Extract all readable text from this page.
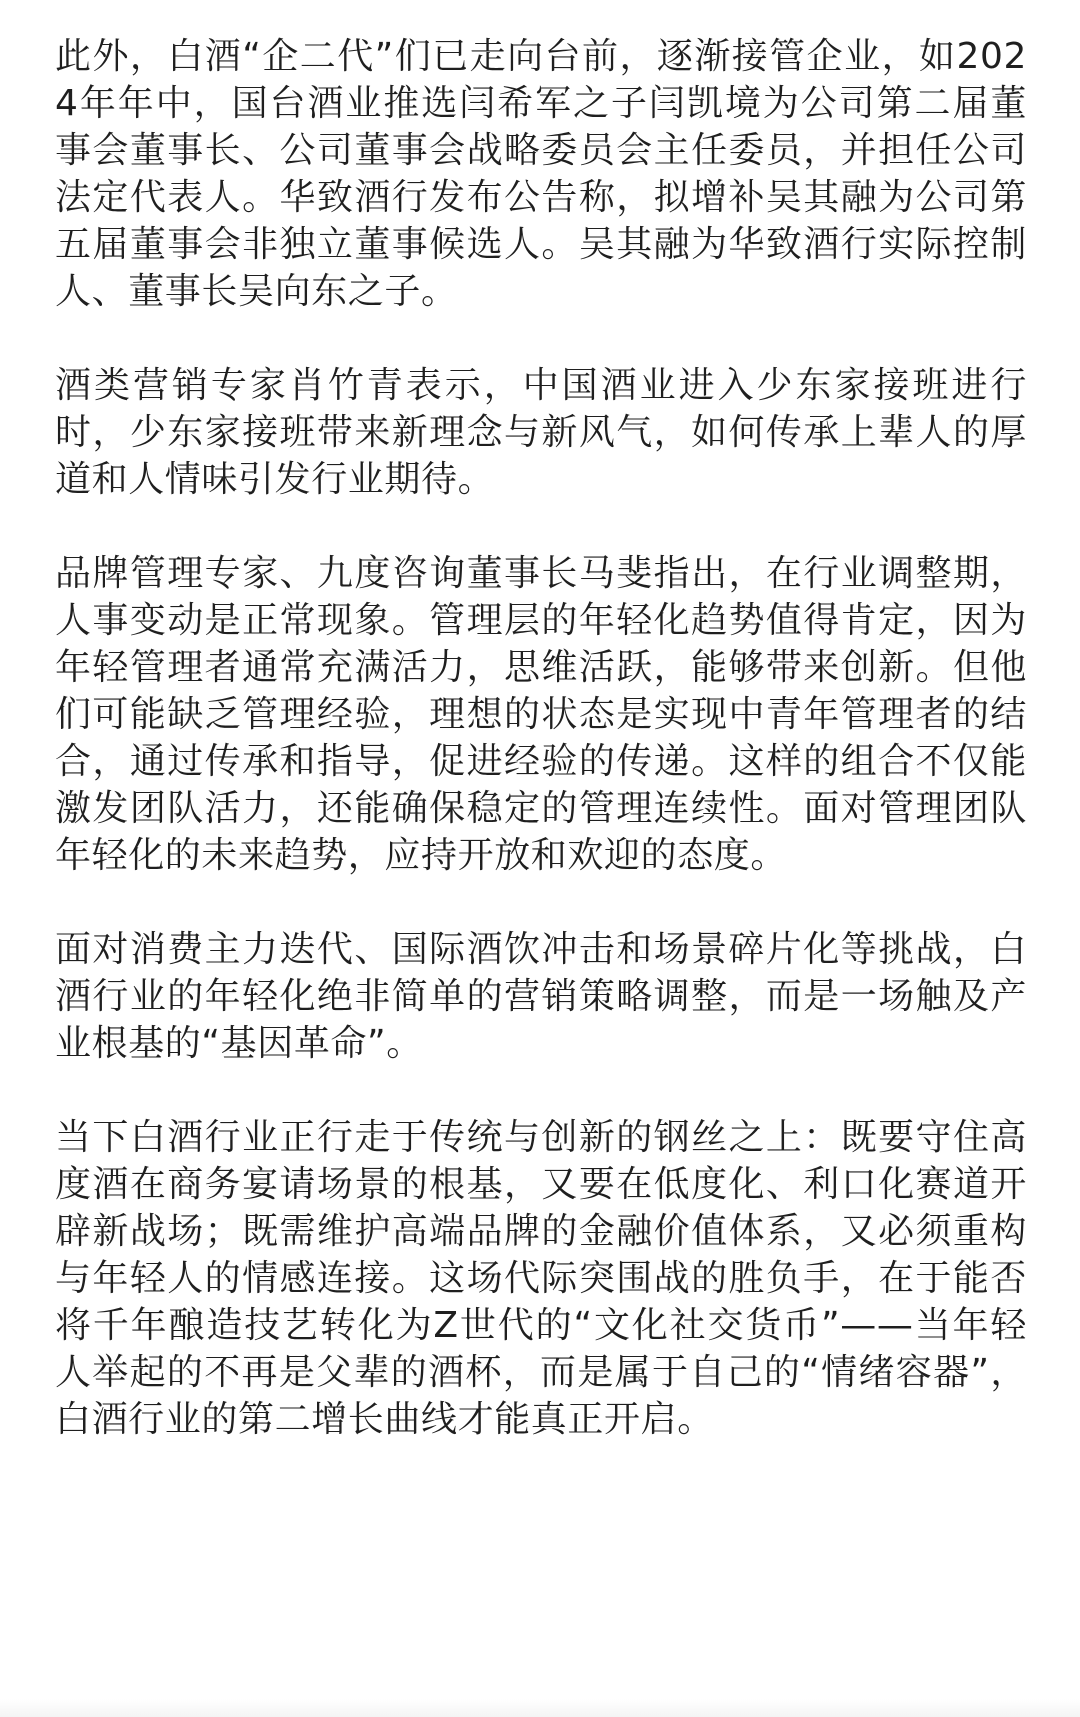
此外，白酒“企二代”们已走向台前，逐渐接管企业，如2024年年中，国台酒业推选闫希军之子闫凯境为公司第二届董事会董事长、公司董事会战略委员会主任委员，并担任公司法定代表人。华致酒行发布公告称，拟增补吴其融为公司第五届董事会非独立董事候选人。吴其融为华致酒行实际控制人、董事长吴向东之子。

酒类营销专家肖竹青表示，中国酒业进入少东家接班进行时，少东家接班带来新理念与新风气，如何传承上辈人的厚道和人情味引发行业期待。

品牌管理专家、九度咨询董事长马斐指出，在行业调整期，人事变动是正常现象。管理层的年轻化趋势值得肯定，因为年轻管理者通常充满活力，思维活跃，能够带来创新。但他们可能缺乏管理经验，理想的状态是实现中青年管理者的结合，通过传承和指导，促进经验的传递。这样的组合不仅能激发团队活力，还能确保稳定的管理连续性。面对管理团队年轻化的未来趋势，应持开放和欢迎的态度。

面对消费主力迭代、国际酒饮冲击和场景碎片化等挑战，白酒行业的年轻化绝非简单的营销策略调整，而是一场触及产业根基的“基因革命”。

当下白酒行业正行走于传统与创新的钢丝之上：既要守住高度酒在商务宴请场景的根基，又要在低度化、利口化赛道开辟新战场；既需维护高端品牌的金融价值体系，又必须重构与年轻人的情感连接。这场代际突围战的胜负手，在于能否将千年酿造技艺转化为Z世代的“文化社交货币”——当年轻人举起的不再是父辈的酒杯，而是属于自己的“情绪容器”，白酒行业的第二增长曲线才能真正开启。
